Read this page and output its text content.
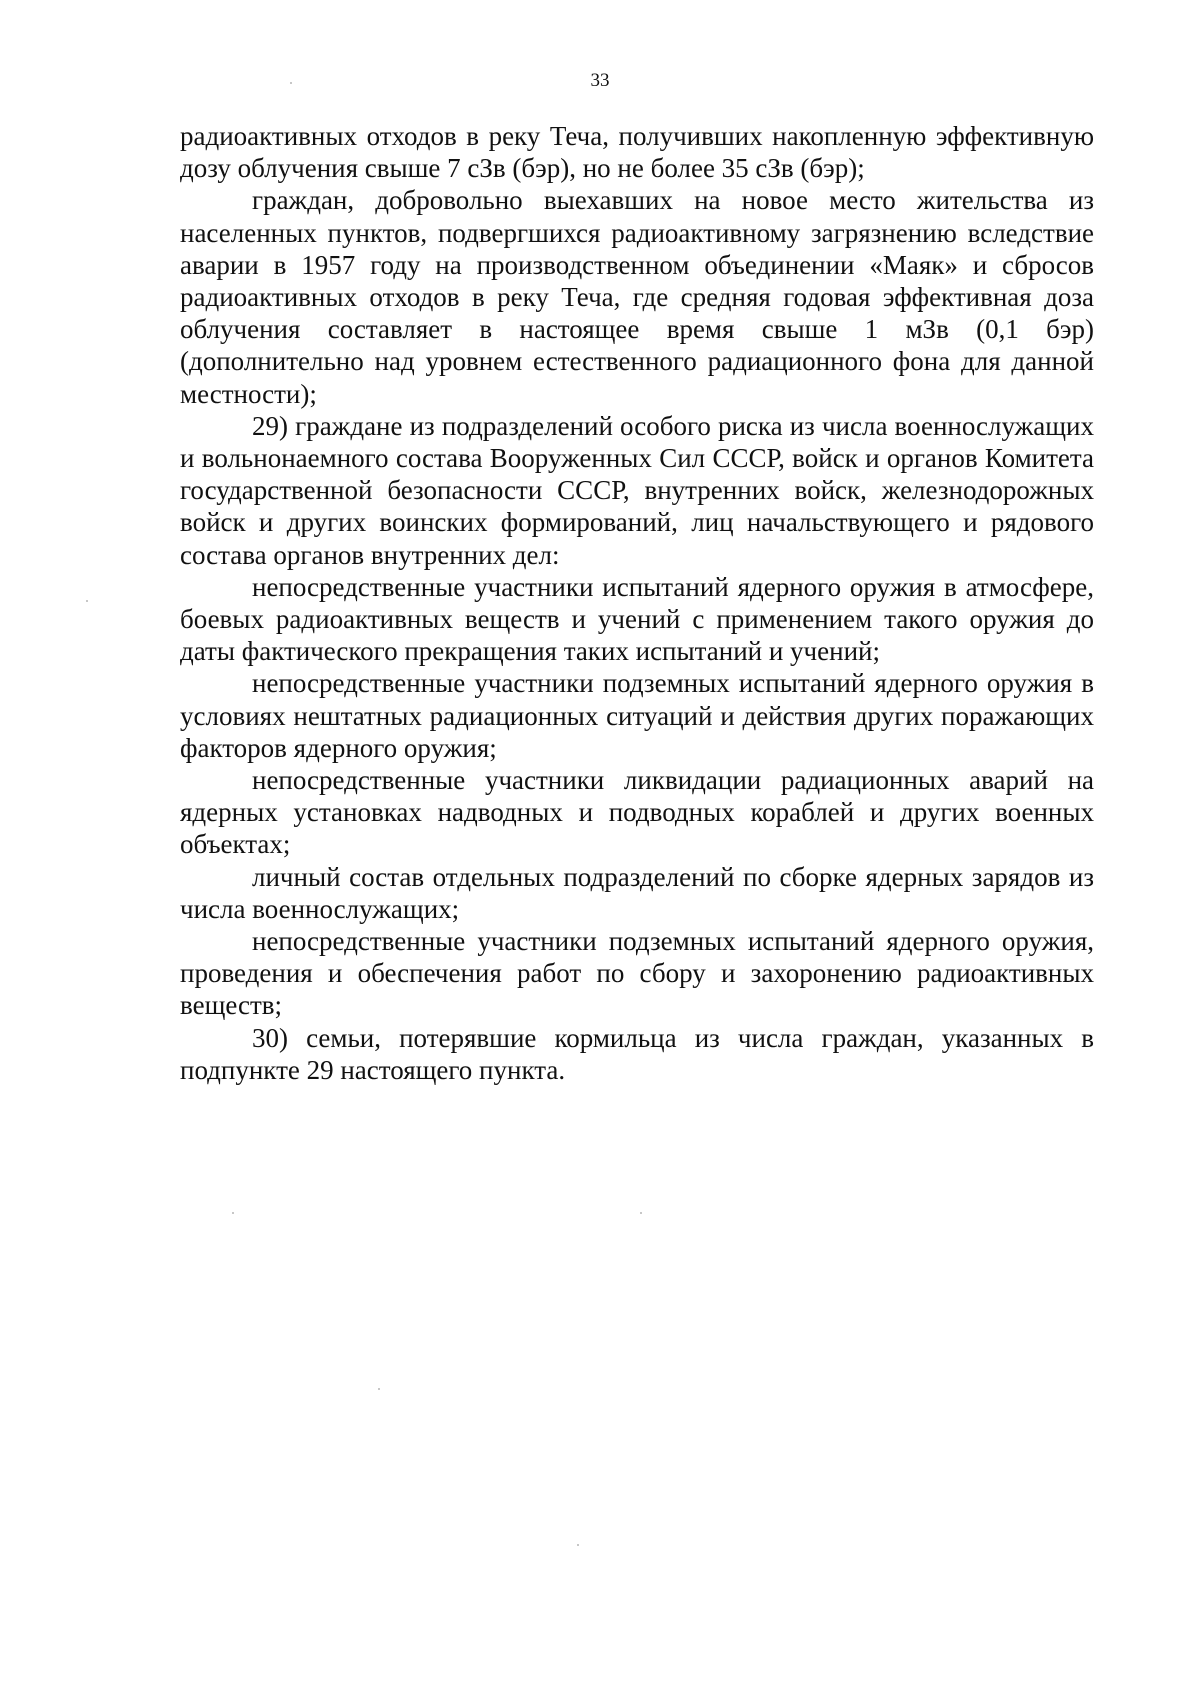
33

радиоактивных отходов в реку Теча, получивших накопленную эффективную дозу облучения свыше 7 сЗв (бэр), но не более 35 сЗв (бэр);

граждан, добровольно выехавших на новое место жительства из населенных пунктов, подвергшихся радиоактивному загрязнению вследствие аварии в 1957 году на производственном объединении «Маяк» и сбросов радиоактивных отходов в реку Теча, где средняя годовая эффективная доза облучения составляет в настоящее время свыше 1 мЗв (0,1 бэр) (дополнительно над уровнем естественного радиационного фона для данной местности);

29) граждане из подразделений особого риска из числа военнослужащих и вольнонаемного состава Вооруженных Сил СССР, войск и органов Комитета государственной безопасности СССР, внутренних войск, железнодорожных войск и других воинских формирований, лиц начальствующего и рядового состава органов внутренних дел:

непосредственные участники испытаний ядерного оружия в атмосфере, боевых радиоактивных веществ и учений с применением такого оружия до даты фактического прекращения таких испытаний и учений;

непосредственные участники подземных испытаний ядерного оружия в условиях нештатных радиационных ситуаций и действия других поражающих факторов ядерного оружия;

непосредственные участники ликвидации радиационных аварий на ядерных установках надводных и подводных кораблей и других военных объектах;

личный состав отдельных подразделений по сборке ядерных зарядов из числа военнослужащих;

непосредственные участники подземных испытаний ядерного оружия, проведения и обеспечения работ по сбору и захоронению радиоактивных веществ;

30) семьи, потерявшие кормильца из числа граждан, указанных в подпункте 29 настоящего пункта.
